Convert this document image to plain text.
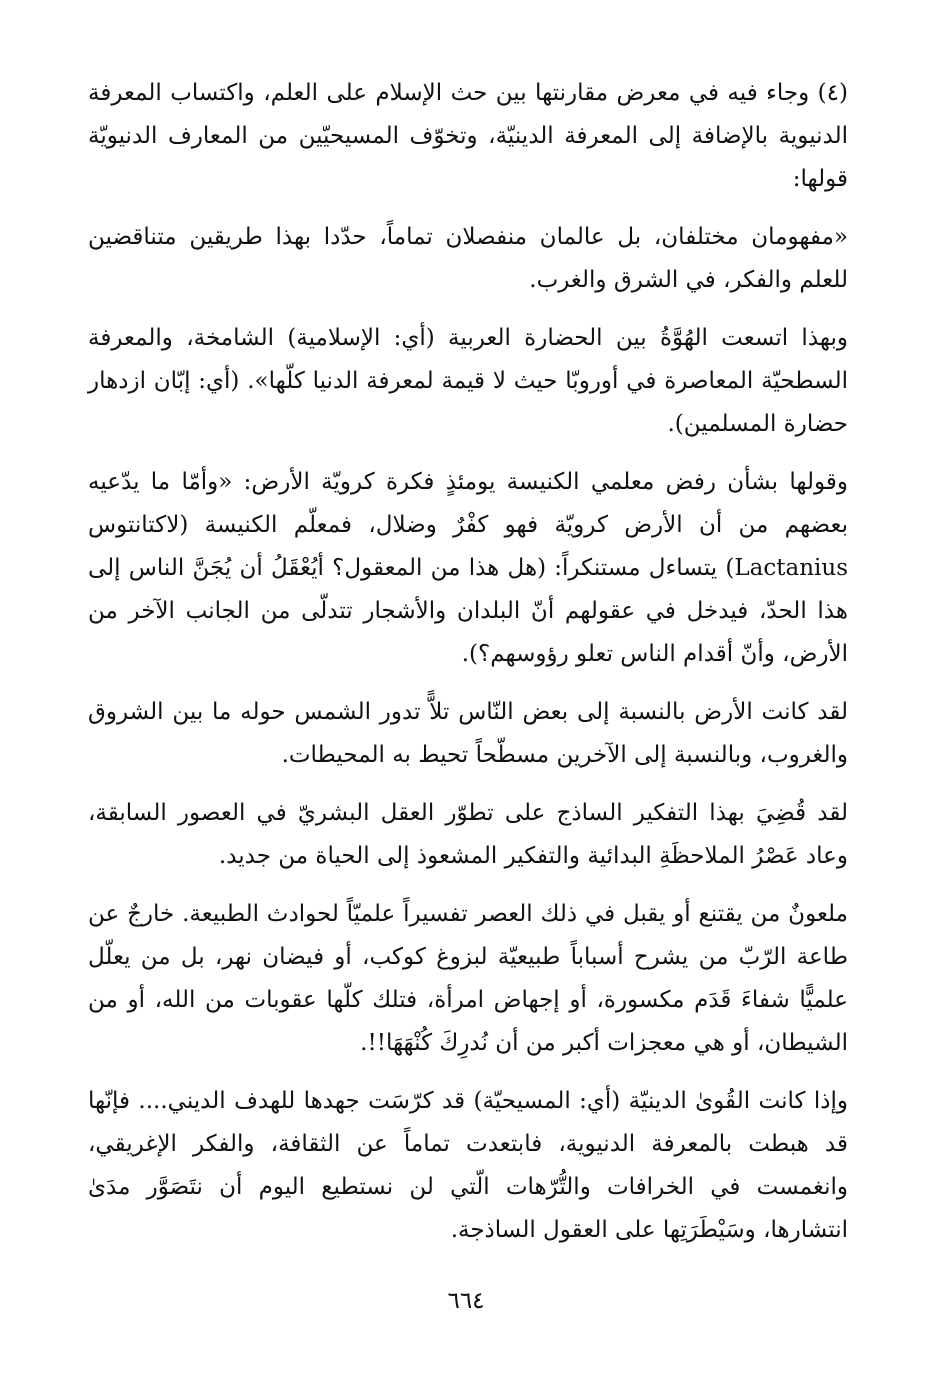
(٤) وجاء فيه في معرض مقارنتها بين حث الإسلام على العلم، واكتساب المعرفة الدنيوية بالإضافة إلى المعرفة الدينيّة، وتخوّف المسيحيّين من المعارف الدنيويّة قولها:

«مفهومان مختلفان، بل عالمان منفصلان تماماً، حدّدا بهذا طريقين متناقضين للعلم والفكر، في الشرق والغرب.

وبهذا اتسعت الهُوَّةُ بين الحضارة العربية (أي: الإسلامية) الشامخة، والمعرفة السطحيّة المعاصرة في أوروبّا حيث لا قيمة لمعرفة الدنيا كلّها». (أي: إبّان ازدهار حضارة المسلمين).

وقولها بشأن رفض معلمي الكنيسة يومئذٍ فكرة كرويّة الأرض: «وأمّا ما يدّعيه بعضهم من أن الأرض كرويّة فهو كفْرٌ وضلال، فمعلّم الكنيسة (لاكتانتوس Lactanius) يتساءل مستنكراً: (هل هذا من المعقول؟ أيُعْقَلُ أن يُجَنَّ الناس إلى هذا الحدّ، فيدخل في عقولهم أنّ البلدان والأشجار تتدلّى من الجانب الآخر من الأرض، وأنّ أقدام الناس تعلو رؤوسهم؟).

لقد كانت الأرض بالنسبة إلى بعض النّاس تلاًّ تدور الشمس حوله ما بين الشروق والغروب، وبالنسبة إلى الآخرين مسطّحاً تحيط به المحيطات.

لقد قُضِيَ بهذا التفكير الساذج على تطوّر العقل البشريّ في العصور السابقة، وعاد عَصْرُ الملاحظَةِ البدائية والتفكير المشعوذ إلى الحياة من جديد.

ملعونٌ من يقتنع أو يقبل في ذلك العصر تفسيراً علميّاً لحوادث الطبيعة. خارجٌ عن طاعة الرّبّ من يشرح أسباباً طبيعيّة لبزوغ كوكب، أو فيضان نهر، بل من يعلّل علميًّا شفاءَ قَدَم مكسورة، أو إجهاض امرأة، فتلك كلّها عقوبات من الله، أو من الشيطان، أو هي معجزات أكبر من أن نُدرِكَ كُنْهَهَا!!.

وإذا كانت القُوىٰ الدينيّة (أي: المسيحيّة) قد كرّسَت جهدها للهدف الديني.... فإنّها قد هبطت بالمعرفة الدنيوية، فابتعدت تماماً عن الثقافة، والفكر الإغريقي، وانغمست في الخرافات والتُّرّهات الّتي لن نستطيع اليوم أن نتَصَوَّر مدَىٰ انتشارها، وسَيْطَرَتِها على العقول الساذجة.

٦٦٤
